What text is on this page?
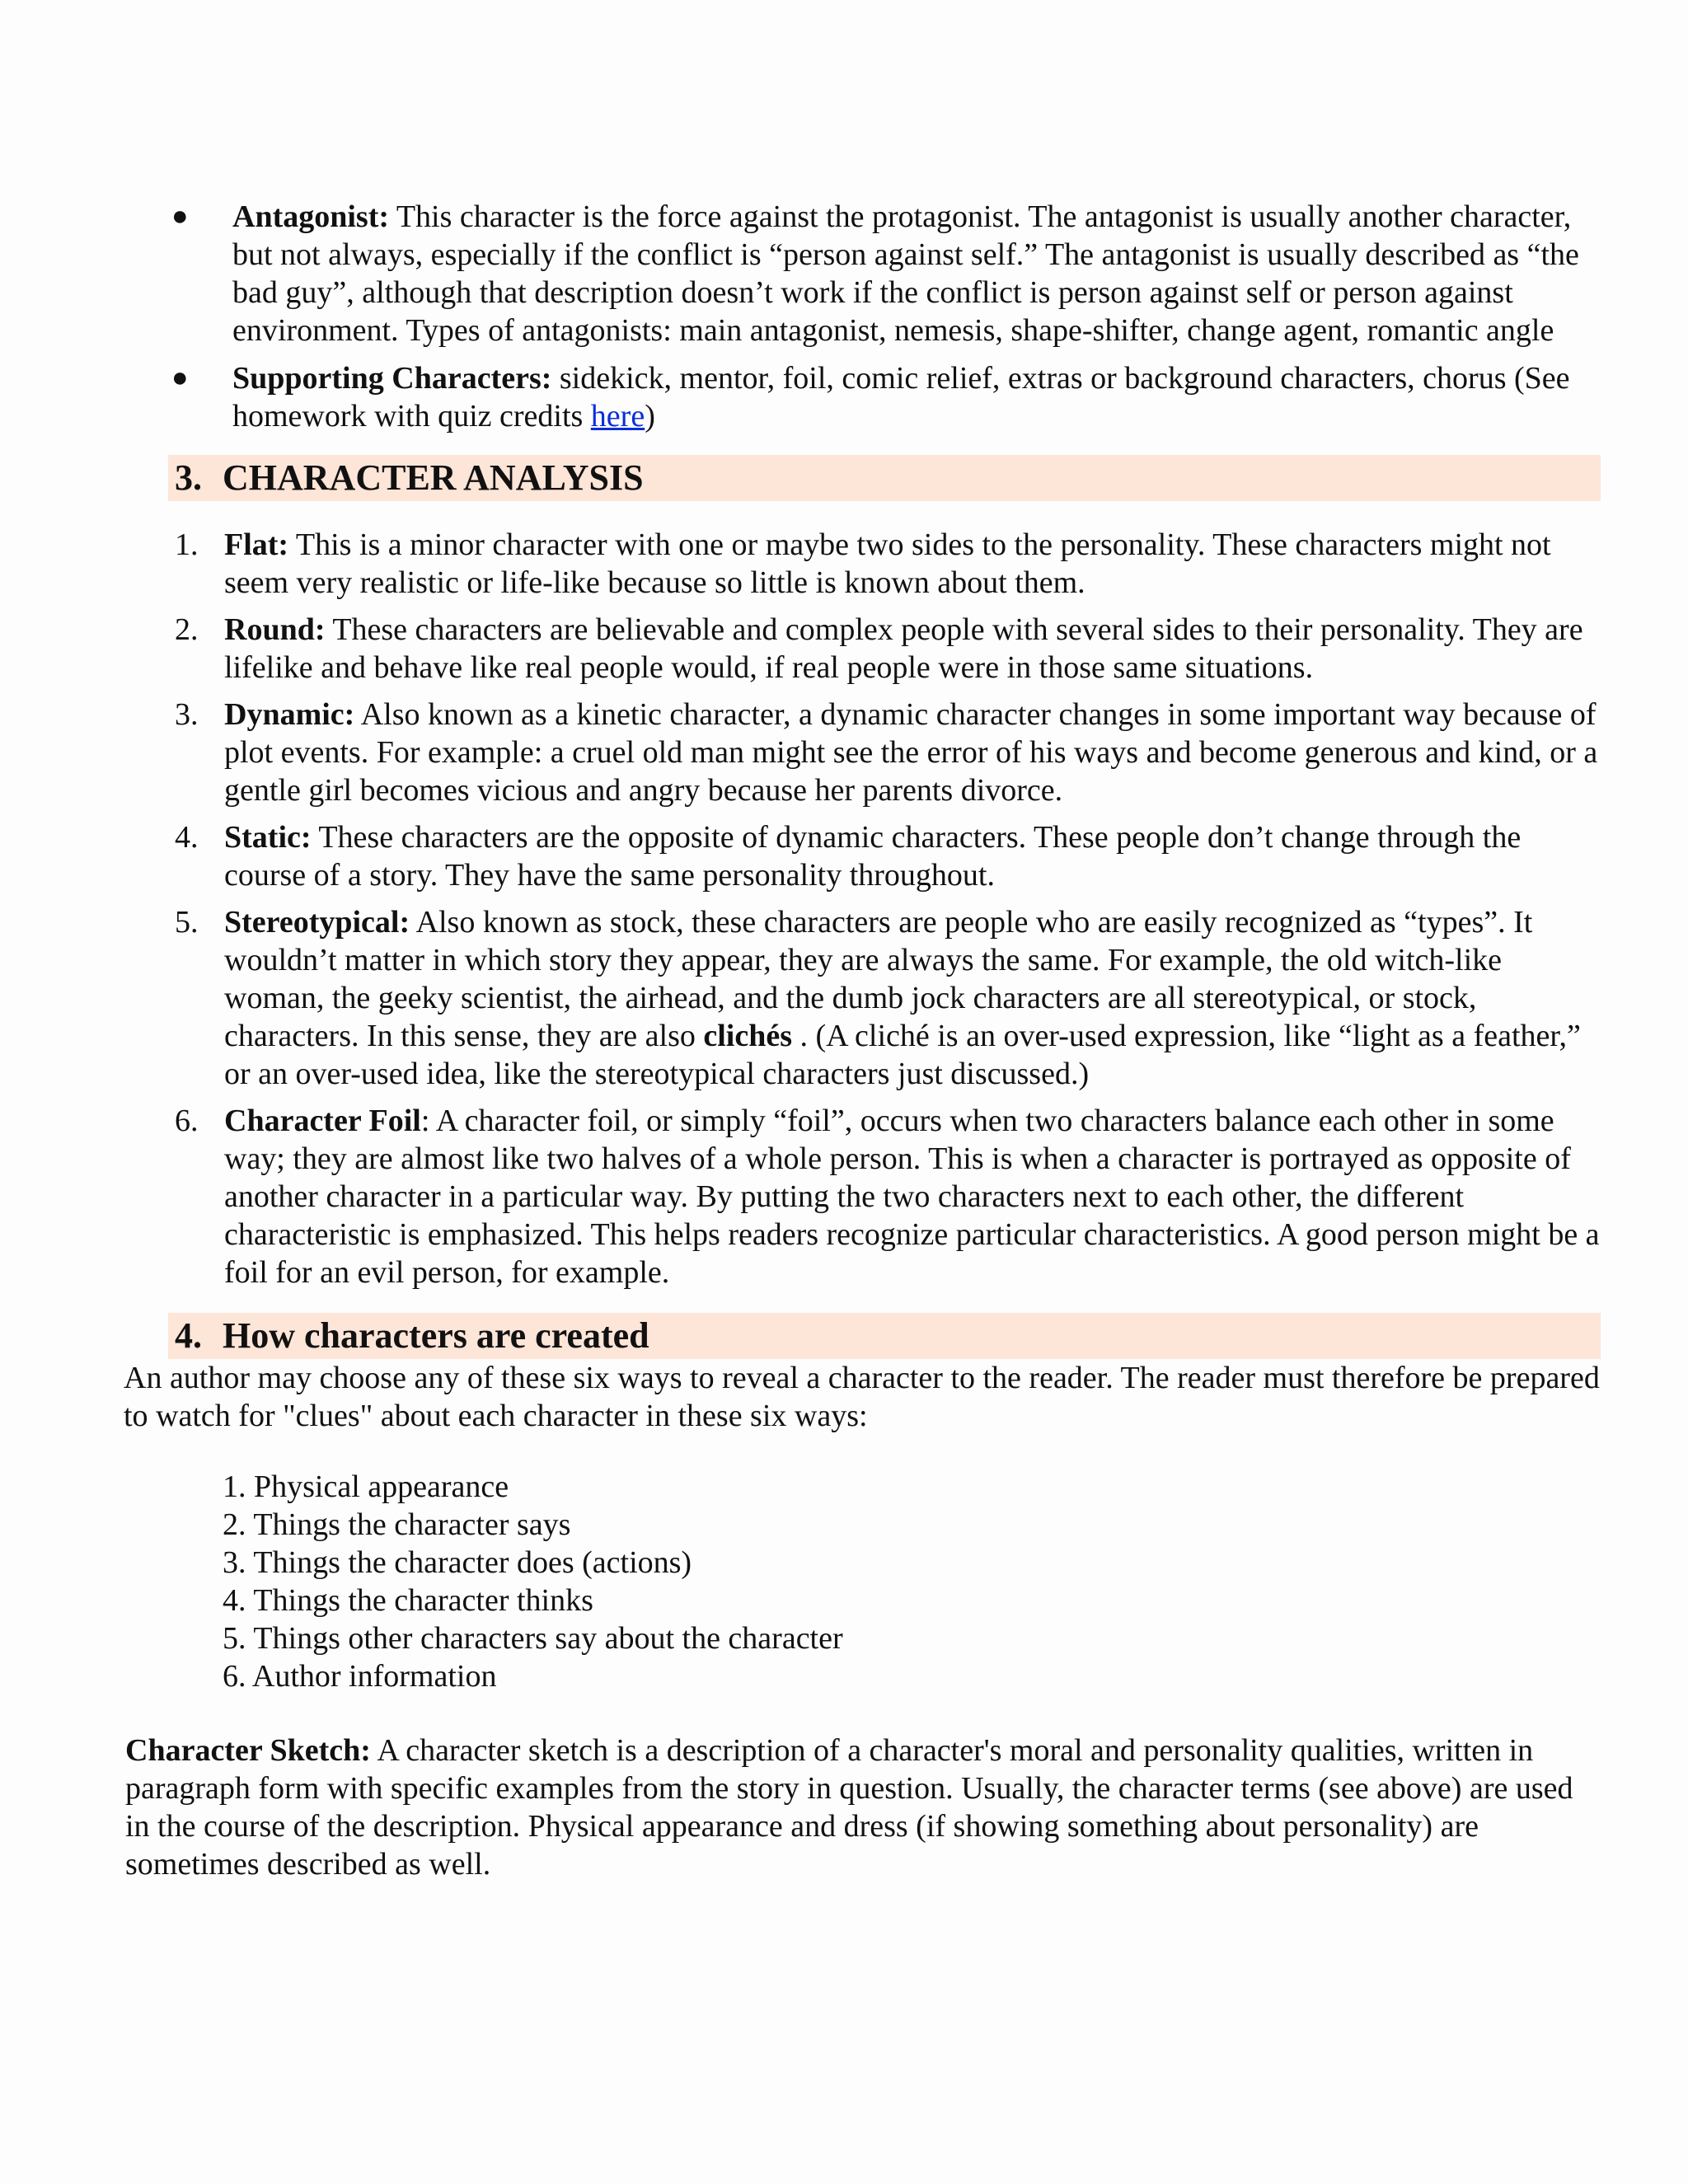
● Antagonist: This character is the force against the protagonist. The antagonist is usually another character, but not always, especially if the conflict is “person against self.” The antagonist is usually described as “the bad guy”, although that description doesn’t work if the conflict is person against self or person against environment. Types of antagonists: main antagonist, nemesis, shape-shifter, change agent, romantic angle
● Supporting Characters: sidekick, mentor, foil, comic relief, extras or background characters, chorus (See homework with quiz credits here)
3. CHARACTER ANALYSIS
1. Flat: This is a minor character with one or maybe two sides to the personality. These characters might not seem very realistic or life-like because so little is known about them.
2. Round: These characters are believable and complex people with several sides to their personality. They are lifelike and behave like real people would, if real people were in those same situations.
3. Dynamic: Also known as a kinetic character, a dynamic character changes in some important way because of plot events. For example: a cruel old man might see the error of his ways and become generous and kind, or a gentle girl becomes vicious and angry because her parents divorce.
4. Static: These characters are the opposite of dynamic characters. These people don’t change through the course of a story. They have the same personality throughout.
5. Stereotypical: Also known as stock, these characters are people who are easily recognized as “types”. It wouldn’t matter in which story they appear, they are always the same. For example, the old witch-like woman, the geeky scientist, the airhead, and the dumb jock characters are all stereotypical, or stock, characters. In this sense, they are also clichés . (A cliché is an over-used expression, like “light as a feather,” or an over-used idea, like the stereotypical characters just discussed.)
6. Character Foil: A character foil, or simply “foil”, occurs when two characters balance each other in some way; they are almost like two halves of a whole person. This is when a character is portrayed as opposite of another character in a particular way. By putting the two characters next to each other, the different characteristic is emphasized. This helps readers recognize particular characteristics. A good person might be a foil for an evil person, for example.
4. How characters are created

An author may choose any of these six ways to reveal a character to the reader. The reader must therefore be prepared to watch for "clues" about each character in these six ways:

1. Physical appearance
2. Things the character says
3. Things the character does (actions)
4. Things the character thinks
5. Things other characters say about the character
6. Author information

Character Sketch: A character sketch is a description of a character's moral and personality qualities, written in paragraph form with specific examples from the story in question. Usually, the character terms (see above) are used in the course of the description. Physical appearance and dress (if showing something about personality) are sometimes described as well.
